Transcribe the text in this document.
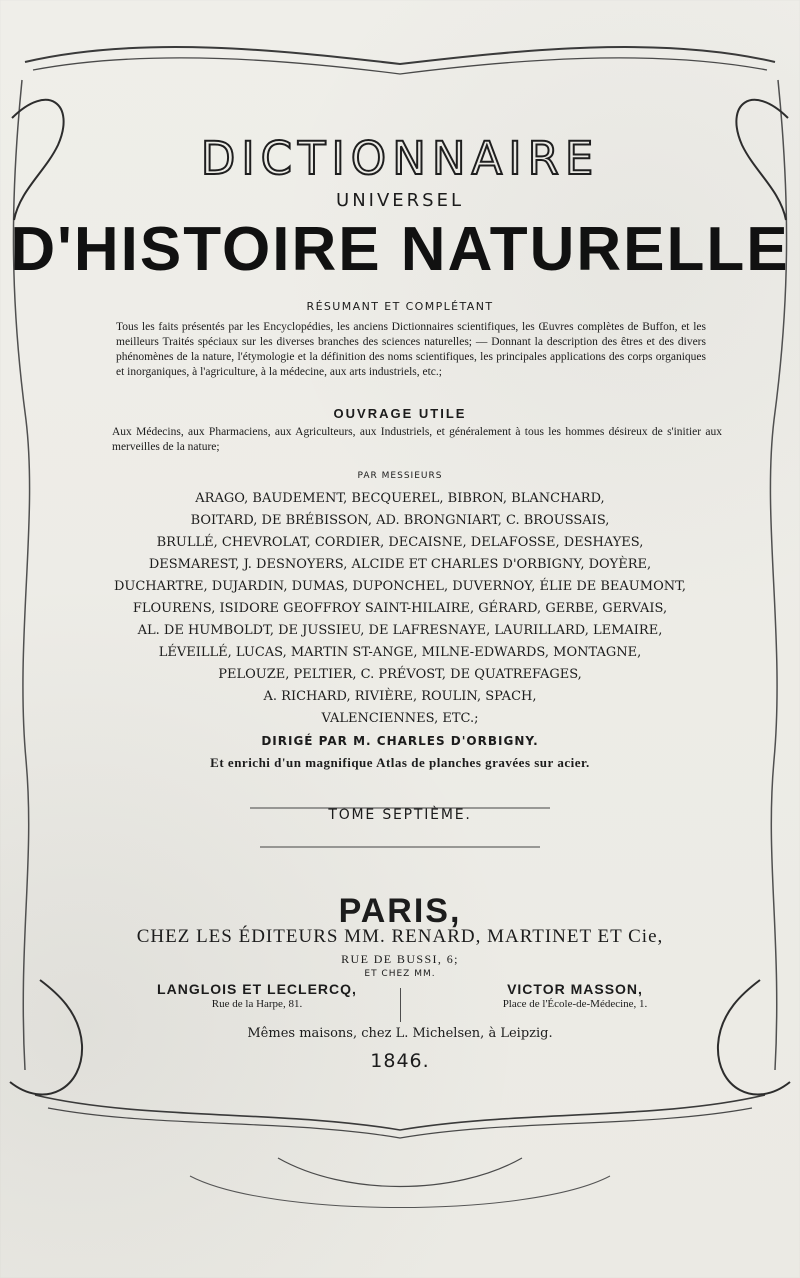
DICTIONNAIRE
UNIVERSEL
D'HISTOIRE NATURELLE
RÉSUMANT ET COMPLÉTANT
Tous les faits présentés par les Encyclopédies, les anciens Dictionnaires scientifiques, les Œuvres complètes de Buffon, et les meilleurs Traités spéciaux sur les diverses branches des sciences naturelles; — Donnant la description des êtres et des divers phénomènes de la nature, l'étymologie et la définition des noms scientifiques, les principales applications des corps organiques et inorganiques, à l'agriculture, à la médecine, aux arts industriels, etc.;
OUVRAGE UTILE
Aux Médecins, aux Pharmaciens, aux Agriculteurs, aux Industriels, et généralement à tous les hommes désireux de s'initier aux merveilles de la nature;
PAR MESSIEURS
ARAGO, BAUDEMENT, BECQUEREL, BIBRON, BLANCHARD,
BOITARD, DE BRÉBISSON, AD. BRONGNIART, C. BROUSSAIS,
BRULLÉ, CHEVROLAT, CORDIER, DECAISNE, DELAFOSSE, DESHAYES,
DESMAREST, J. DESNOYERS, ALCIDE ET CHARLES D'ORBIGNY, DOYÈRE,
DUCHARTRE, DUJARDIN, DUMAS, DUPONCHEL, DUVERNOY, ÉLIE DE BEAUMONT,
FLOURENS, ISIDORE GEOFFROY SAINT-HILAIRE, GÉRARD, GERBE, GERVAIS,
AL. DE HUMBOLDT, DE JUSSIEU, DE LAFRESNAYE, LAURILLARD, LEMAIRE,
LÉVEILLÉ, LUCAS, MARTIN ST-ANGE, MILNE-EDWARDS, MONTAGNE,
PELOUZE, PELTIER, C. PRÉVOST, DE QUATREFAGES,
A. RICHARD, RIVIÈRE, ROULIN, SPACH,
VALENCIENNES, ETC.;
DIRIGÉ PAR M. CHARLES D'ORBIGNY.
Et enrichi d'un magnifique Atlas de planches gravées sur acier.
TOME SEPTIÈME.
PARIS,
CHEZ LES ÉDITEURS MM. RENARD, MARTINET ET Cie,
RUE DE BUSSI, 6;
ET CHEZ MM.
LANGLOIS ET LECLERCQ,
Rue de la Harpe, 81.
VICTOR MASSON,
Place de l'École-de-Médecine, 1.
Mêmes maisons, chez L. Michelsen, à Leipzig.
1846.
